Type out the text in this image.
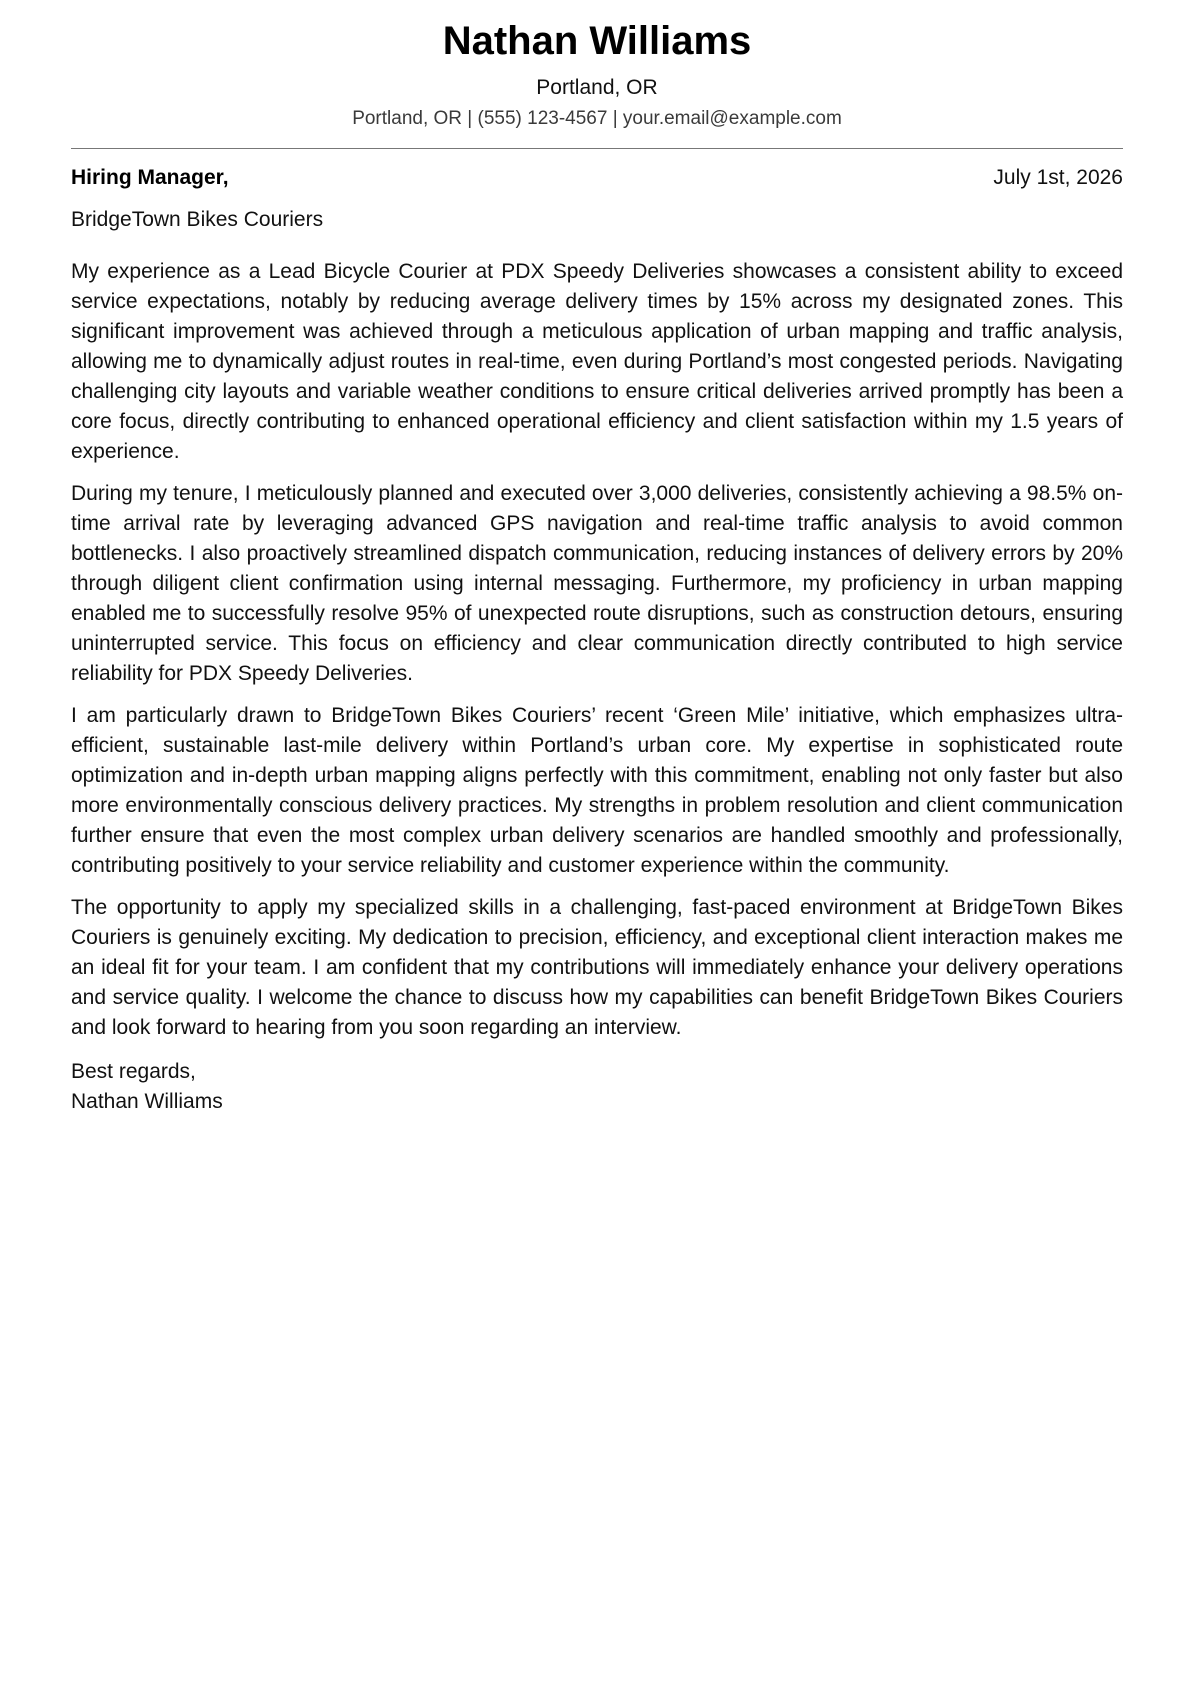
Nathan Williams
Portland, OR
Portland, OR | (555) 123-4567 | your.email@example.com
Hiring Manager,	July 1st, 2026
BridgeTown Bikes Couriers

My experience as a Lead Bicycle Courier at PDX Speedy Deliveries showcases a consistent ability to exceed service expectations, notably by reducing average delivery times by 15% across my designated zones. This significant improvement was achieved through a meticulous application of urban mapping and traffic analysis, allowing me to dynamically adjust routes in real-time, even during Portland’s most congested periods. Navigating challenging city layouts and variable weather conditions to ensure critical deliveries arrived promptly has been a core focus, directly contributing to enhanced operational efficiency and client satisfaction within my 1.5 years of experience.

During my tenure, I meticulously planned and executed over 3,000 deliveries, consistently achieving a 98.5% on-time arrival rate by leveraging advanced GPS navigation and real-time traffic analysis to avoid common bottlenecks. I also proactively streamlined dispatch communication, reducing instances of delivery errors by 20% through diligent client confirmation using internal messaging. Furthermore, my proficiency in urban mapping enabled me to successfully resolve 95% of unexpected route disruptions, such as construction detours, ensuring uninterrupted service. This focus on efficiency and clear communication directly contributed to high service reliability for PDX Speedy Deliveries.

I am particularly drawn to BridgeTown Bikes Couriers’ recent ‘Green Mile’ initiative, which emphasizes ultra-efficient, sustainable last-mile delivery within Portland’s urban core. My expertise in sophisticated route optimization and in-depth urban mapping aligns perfectly with this commitment, enabling not only faster but also more environmentally conscious delivery practices. My strengths in problem resolution and client communication further ensure that even the most complex urban delivery scenarios are handled smoothly and professionally, contributing positively to your service reliability and customer experience within the community.

The opportunity to apply my specialized skills in a challenging, fast-paced environment at BridgeTown Bikes Couriers is genuinely exciting. My dedication to precision, efficiency, and exceptional client interaction makes me an ideal fit for your team. I am confident that my contributions will immediately enhance your delivery operations and service quality. I welcome the chance to discuss how my capabilities can benefit BridgeTown Bikes Couriers and look forward to hearing from you soon regarding an interview.

Best regards,
Nathan Williams
